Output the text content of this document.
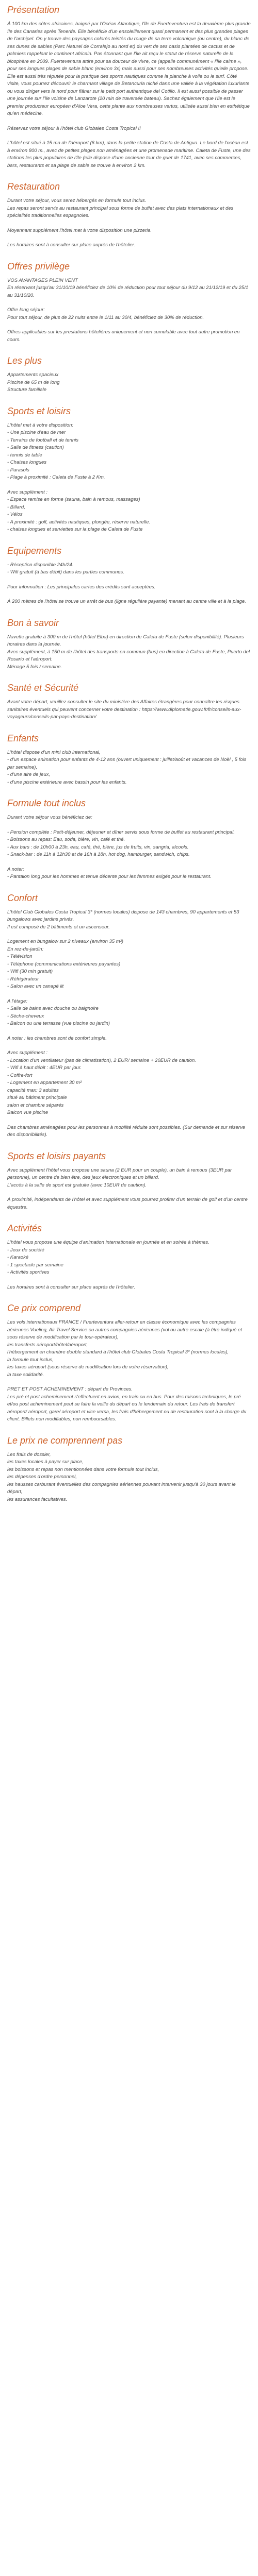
Présentation

À 100 km des côtes africaines, baigné par l'Océan Atlantique, l'île de Fuerteventura est la deuxième plus grande île des Canaries après Tenerife. Elle bénéficie d'un ensoleillement quasi permanent et des plus grandes plages de l'archipel. On y trouve des paysages colorés teintés du rouge de sa terre volcanique (ou centre), du blanc de ses dunes de sables (Parc Naturel de Corralejo au nord et) du vert de ses oasis plantées de cactus et de palmiers rappelant le continent africain. Pas étonnant que l'île ait reçu le statut de réserve naturelle de la biosphère en 2009. Fuerteventura attire pour sa douceur de vivre, ce (appelle communément « l'île calme », pour ses longues plages de sable blanc (environ 3x) mais aussi pour ses nombreuses activités qu'elle propose. Elle est aussi très réputée pour la pratique des sports nautiques comme la planche à voile ou le surf. Côté visite, vous pourrez découvrir le charmant village de Betancuria niché dans une vallée à la végétation luxuriante ou vous diriger vers le nord pour flâner sur le petit port authentique del Cotillo. Il est aussi possible de passer une journée sur l'île voisine de Lanzarote (20 min de traversée bateau). Sachez également que l'île est le premier producteur européen d'Aloe Vera, cette plante aux nombreuses vertus, utilisée aussi bien en esthétique qu'en médecine.

Réservez votre séjour à l'hôtel club Globales Costa Tropical !!

L'hôtel est situé à 15 mn de l'aéroport (6 km), dans la petite station de Costa de Antigua. Le bord de l'océan est à environ 800 m., avec de petites plages non aménagées et une promenade maritime. Caleta de Fuste, une des stations les plus populaires de l'île (elle dispose d'une ancienne tour de guet de 1741, avec ses commerces, bars, restaurants et sa plage de sable se trouve à environ 2 km.

Restauration

Durant votre séjour, vous serez hébergés en formule tout inclus.
Les repas seront servis au restaurant principal sous forme de buffet avec des plats internationaux et des spécialités traditionnelles espagnoles.

Moyennant supplément l'hôtel met à votre disposition une pizzeria.

Les horaires sont à consulter sur place auprès de l'hôtelier.

Offres privilège

VOS AVANTAGES PLEIN VENT
En réservant jusqu'au 31/10/19 bénéficiez de 10% de réduction pour tout séjour du 9/12 au 21/12/19 et du 25/1 au 31/10/20.

Offre long séjour:
Pour tout séjour, de plus de 22 nuits entre le 1/11 au 30/4, bénéficiez de 30% de réduction.

Offres applicables sur les prestations hôtelières uniquement et non cumulable avec tout autre promotion en cours.

Les plus

Appartements spacieux
Piscine de 65 m de long
Structure familiale

Sports et loisirs

L'hôtel met à votre disposition:
- Une piscine d'eau de mer
- Terrains de football et de tennis
- Salle de fitness (caution)
- tennis de table
- Chaises longues
- Parasols
- Plage à proximité : Caleta de Fuste à 2 Km.

Avec supplément :
- Espace remise en forme (sauna, bain à remous, massages)
- Billard,
- Vélos
- A proximité : golf, activités nautiques, plongée, réserve naturelle.
- chaises longues et serviettes sur la plage de Caleta de Fuste

Equipements

- Réception disponible 24h/24.
- Wifi gratuit (à bas débit) dans les parties communes.

Pour information : Les principales cartes des crédits sont acceptées.

À 200 mètres de l'hôtel se trouve un arrêt de bus (ligne régulière payante) menant au centre ville et à la plage.

Bon à savoir

Navette gratuite à 300 m de l'hôtel (hôtel Elba) en direction de Caleta de Fuste (selon disponibilité). Plusieurs horaires dans la journée.
Avec supplément, à 150 m de l'hôtel des transports en commun (bus) en direction à Caleta de Fuste, Puerto del Rosario et l'aéroport.
Ménage 5 fois / semaine.

Santé et Sécurité

Avant votre départ, veuillez consulter le site du ministère des Affaires étrangères pour connaître les risques sanitaires éventuels qui peuvent concerner votre destination : https://www.diplomatie.gouv.fr/fr/conseils-aux-voyageurs/conseils-par-pays-destination/

Enfants

L'hôtel dispose d'un mini club international,
- d'un espace animation pour enfants de 4-12 ans (ouvert uniquement : juillet/août et vacances de Noël , 5 fois par semaine),
- d'une aire de jeux,
- d'une piscine extérieure avec bassin pour les enfants.

Formule tout inclus

Durant votre séjour vous bénéficiez de:

- Pension complète : Petit-déjeuner, déjeuner et dîner servis sous forme de buffet au restaurant principal.
- Boissons au repas: Eau, soda, bière, vin, café et thé.
- Aux bars : de 10h00 à 23h, eau, café, thé, bière, jus de fruits, vin, sangria, alcools.
- Snack-bar : de 11h à 12h30 et de 16h à 18h, hot dog, hamburger, sandwich, chips.

A noter:
- Pantalon long pour les hommes et tenue décente pour les femmes exigés pour le restaurant.

Confort

L'hôtel Club Globales Costa Tropical 3* (normes locales) dispose de 143 chambres, 90 appartements et 53 bungalows avec jardins privés.
Il est composé de 2 bâtiments et un ascenseur.

Logement en bungalow sur 2 niveaux (environ 35 m²)
En rez-de-jardin:
- Télévision
- Téléphone (communications extérieures payantes)
- Wifi (30 min gratuit)
- Réfrigérateur
- Salon avec un canapé lit

A l'étage:
- Salle de bains avec douche ou baignoire
- Sèche-cheveux
- Balcon ou une terrasse (vue piscine ou jardin)

A noter : les chambres sont de confort simple.

Avec supplément :
- Location d'un ventilateur (pas de climatisation), 2 EUR/ semaine + 20EUR de caution.
- Wifi à haut débit : 4EUR par jour.
- Coffre-fort
- Logement en appartement 30 m²
capacité max: 3 adultes
situé au bâtiment principale
salon et chambre séparés
Balcon vue piscine

Des chambres aménagées pour les personnes à mobilité réduite sont possibles. (Sur demande et sur réserve des disponibilités).

Sports et loisirs payants

Avec supplément l'hôtel vous propose une sauna (2 EUR pour un couple), un bain à remous (3EUR par personne), un centre de bien être, des jeux électroniques et un billard.
L'accès à la salle de sport est gratuite (avec 10EUR de caution).

À proximité, indépendants de l'hôtel et avec supplément vous pourrez profiter d'un terrain de golf et d'un centre équestre.

Activités

L'hôtel vous propose une équipe d'animation internationale en journée et en soirée à thèmes.
- Jeux de société
- Karaoké
- 1 spectacle par semaine
- Activités sportives

Les horaires sont à consulter sur place auprès de l'hôtelier.

Ce prix comprend

Les vols internationaux FRANCE / Fuerteventura aller-retour en classe économique avec les compagnies aériennes Vueling, Air Travel Service ou autres compagnies aériennes (vol ou autre escale (à être indiqué et sous réserve de modification par le tour-opérateur),
les transferts aéroport/hôtel/aéroport,
l'hébergement en chambre double standard à l'hôtel club Globales Costa Tropical 3* (normes locales),
la formule tout inclus,
les taxes aéroport (sous réserve de modification lors de votre réservation),
la taxe solidarité.

PRET ET POST ACHEMINEMENT : départ de Provinces.
Les pré et post acheminement s'effectuent en avion, en train ou en bus. Pour des raisons techniques, le pré et/ou post acheminement peut se faire la veille du départ ou le lendemain du retour. Les frais de transfert aéroport/ aéroport, gare/ aéroport et vice versa, les frais d'hébergement ou de restauration sont à la charge du client. Billets non modifiables, non remboursables.

Le prix ne comprennent pas

Les frais de dossier,
les taxes locales à payer sur place,
les boissons et repas non mentionnées dans votre formule tout inclus,
les dépenses d'ordre personnel,
les hausses carburant éventuelles des compagnies aériennes pouvant intervenir jusqu'à 30 jours avant le départ,
les assurances facultatives.
